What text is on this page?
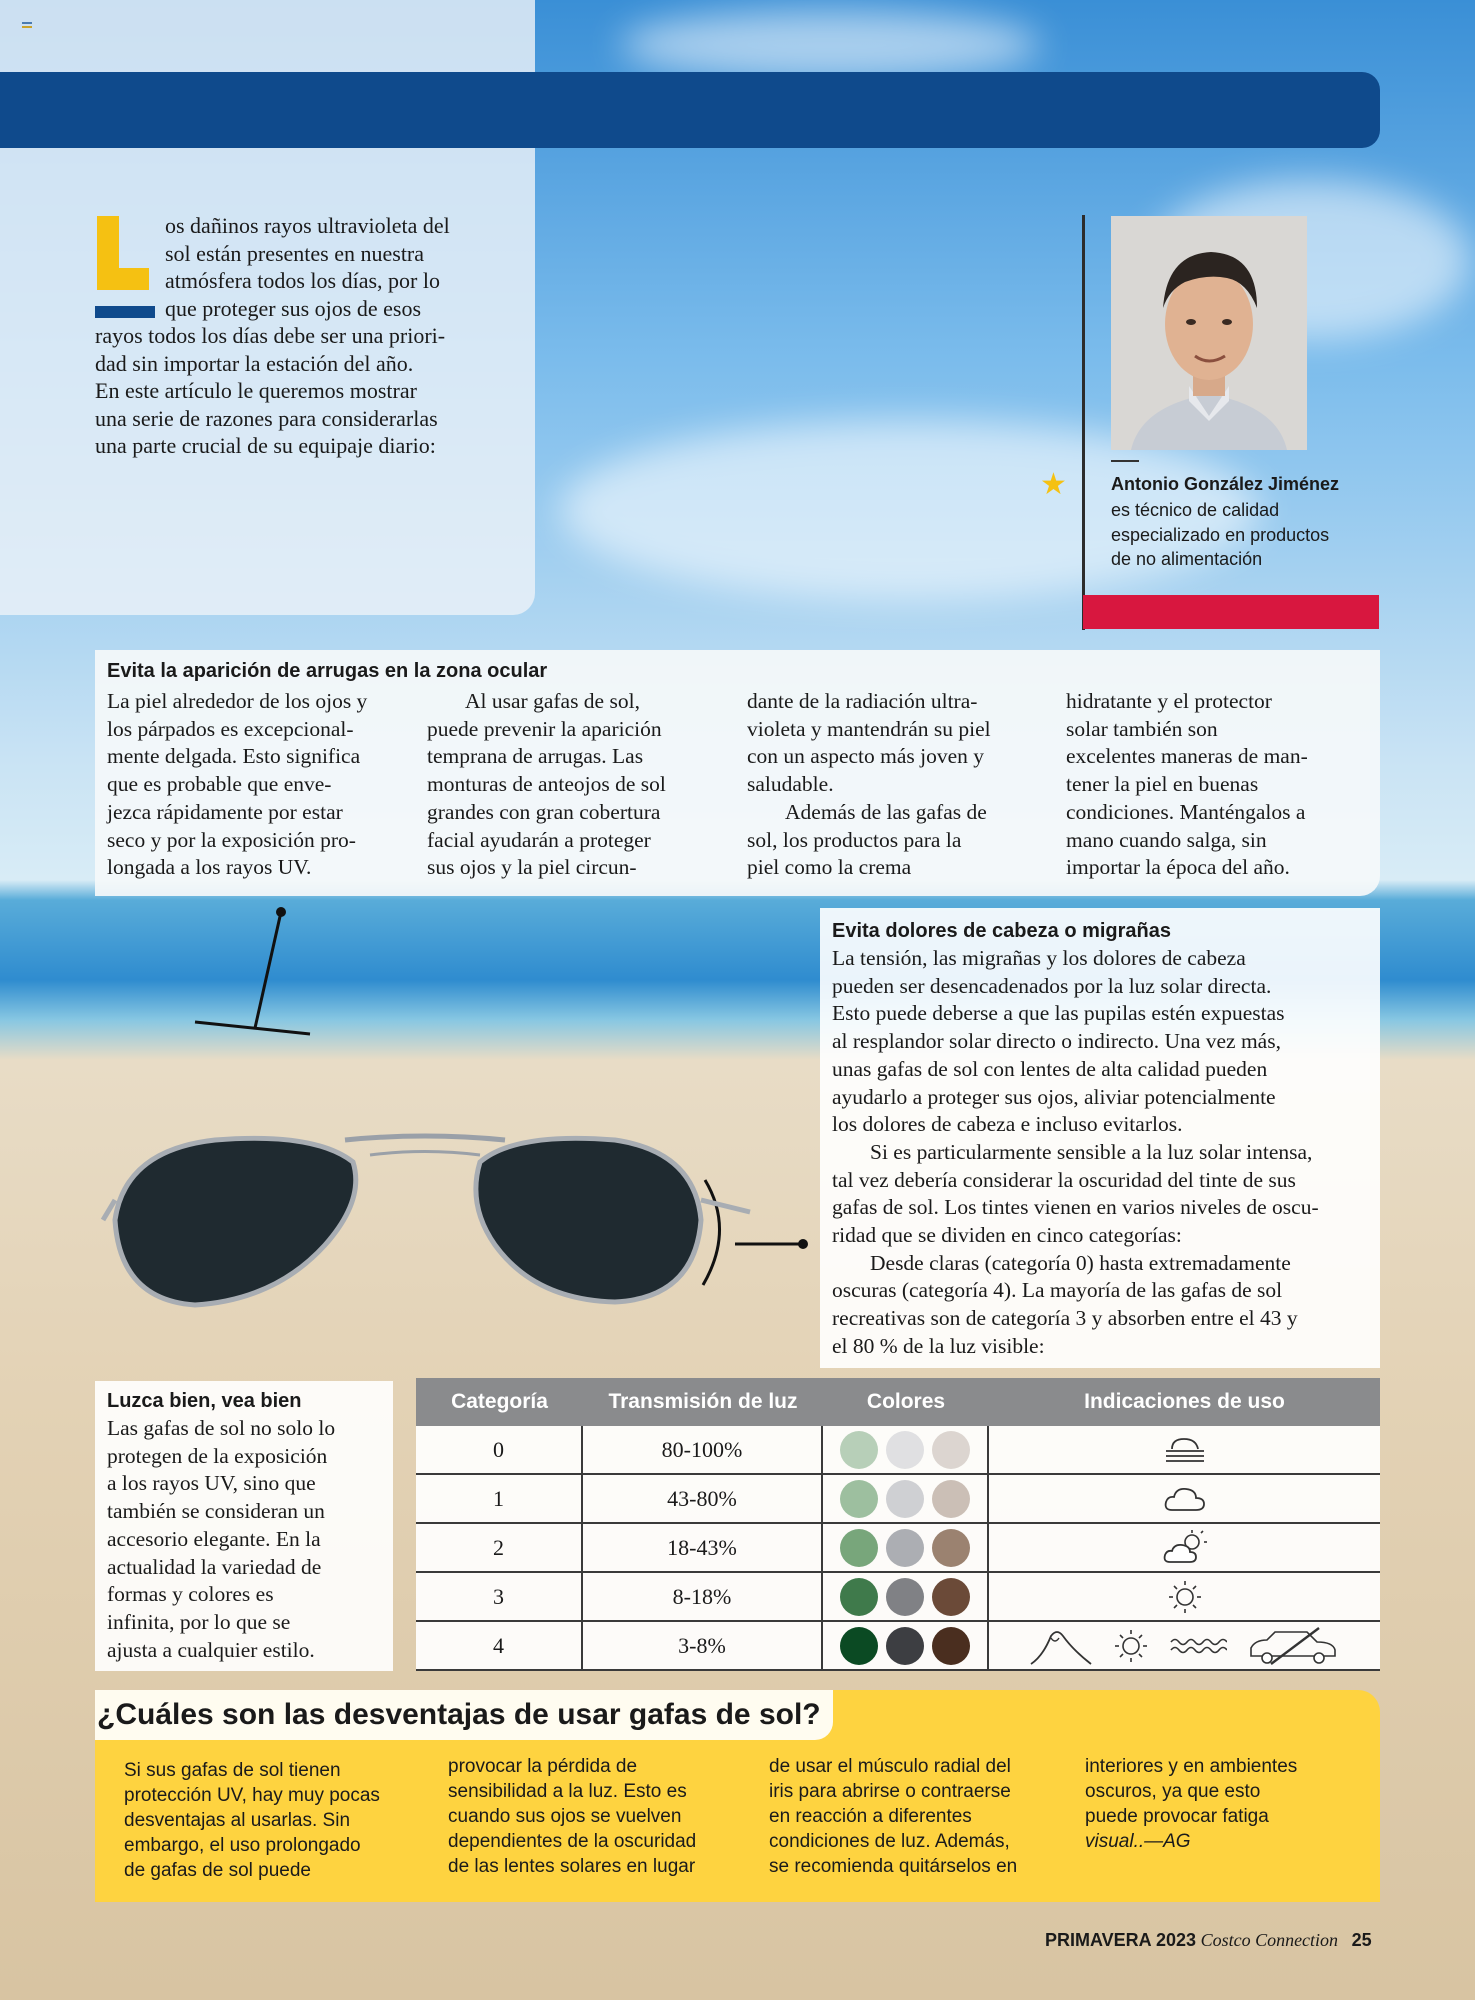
os dañinos rayos ultravioleta del
sol están presentes en nuestra
atmósfera todos los días, por lo
que proteger sus ojos de esos
rayos todos los días debe ser una priori-
dad sin importar la estación del año.
En este artículo le queremos mostrar
una serie de razones para considerarlas
una parte crucial de su equipaje diario:
★ Antonio González Jiménez
es técnico de calidad
especializado en productos
de no alimentación
Evita la aparición de arrugas en la zona ocular
La piel alrededor de los ojos y
los párpados es excepcional-
mente delgada. Esto significa
que es probable que enve-
jezca rápidamente por estar
seco y por la exposición pro-
longada a los rayos UV.
Al usar gafas de sol,
puede prevenir la aparición
temprana de arrugas. Las
monturas de anteojos de sol
grandes con gran cobertura
facial ayudarán a proteger
sus ojos y la piel circun-
dante de la radiación ultra-
violeta y mantendrán su piel
con un aspecto más joven y
saludable.
Además de las gafas de
sol, los productos para la
piel como la crema
hidratante y el protector
solar también son
excelentes maneras de man-
tener la piel en buenas
condiciones. Manténgalos a
mano cuando salga, sin
importar la época del año.
Evita dolores de cabeza o migrañas
La tensión, las migrañas y los dolores de cabeza
pueden ser desencadenados por la luz solar directa.
Esto puede deberse a que las pupilas estén expuestas
al resplandor solar directo o indirecto. Una vez más,
unas gafas de sol con lentes de alta calidad pueden
ayudarlo a proteger sus ojos, aliviar potencialmente
los dolores de cabeza e incluso evitarlos.
Si es particularmente sensible a la luz solar intensa,
tal vez debería considerar la oscuridad del tinte de sus
gafas de sol. Los tintes vienen en varios niveles de oscu-
ridad que se dividen en cinco categorías:
Desde claras (categoría 0) hasta extremadamente
oscuras (categoría 4). La mayoría de las gafas de sol
recreativas son de categoría 3 y absorben entre el 43 y
el 80 % de la luz visible:
Luzca bien, vea bien
Las gafas de sol no solo lo
protegen de la exposición
a los rayos UV, sino que
también se consideran un
accesorio elegante. En la
actualidad la variedad de
formas y colores es
infinita, por lo que se
ajusta a cualquier estilo.
Categoría	Transmisión de luz	Colores	Indicaciones de uso
0	80-100%
1	43-80%
2	18-43%
3	8-18%
4	3-8%
¿Cuáles son las desventajas de usar gafas de sol?
Si sus gafas de sol tienen
protección UV, hay muy pocas
desventajas al usarlas. Sin
embargo, el uso prolongado
de gafas de sol puede
provocar la pérdida de
sensibilidad a la luz. Esto es
cuando sus ojos se vuelven
dependientes de la oscuridad
de las lentes solares en lugar
de usar el músculo radial del
iris para abrirse o contraerse
en reacción a diferentes
condiciones de luz. Además,
se recomienda quitárselos en
interiores y en ambientes
oscuros, ya que esto
puede provocar fatiga
visual..—AG
PRIMAVERA 2023 Costco Connection 25
